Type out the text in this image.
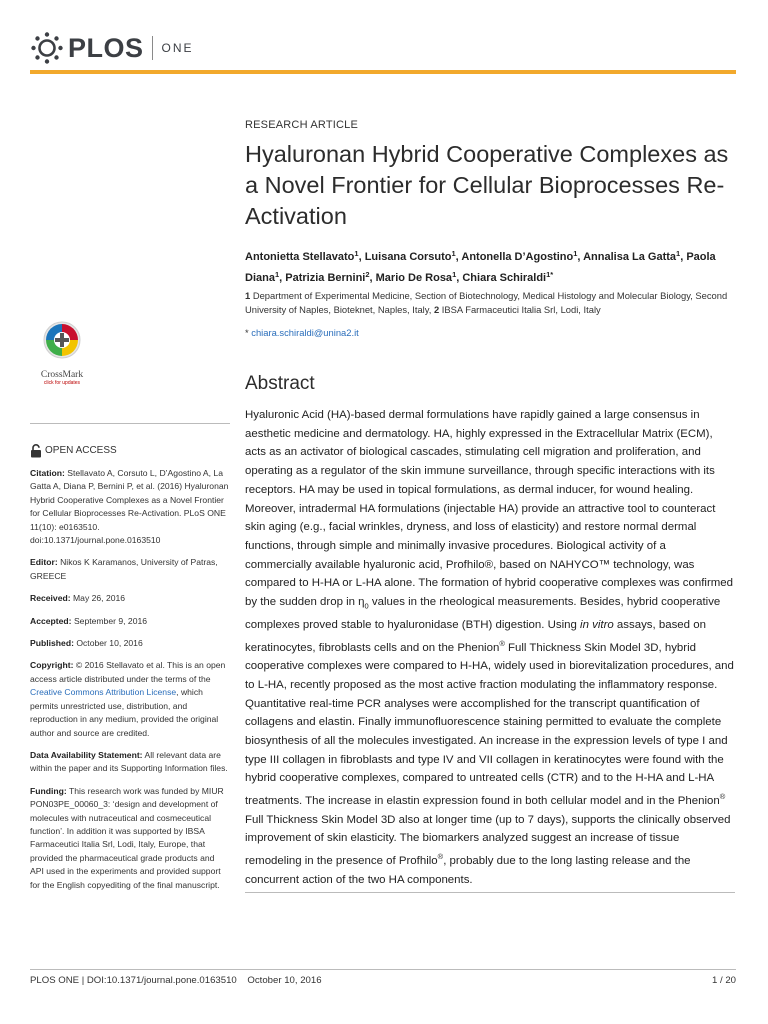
PLOS ONE
RESEARCH ARTICLE
Hyaluronan Hybrid Cooperative Complexes as a Novel Frontier for Cellular Bioprocesses Re-Activation
Antonietta Stellavato$^1$, Luisana Corsuto$^1$, Antonella D’Agostino$^1$, Annalisa La Gatta$^1$, Paola Diana$^1$, Patrizia Bernini$^2$, Mario De Rosa$^1$, Chiara Schiraldi$^{1*}$
1 Department of Experimental Medicine, Section of Biotechnology, Medical Histology and Molecular Biology, Second University of Naples, Bioteknet, Naples, Italy, 2 IBSA Farmaceutici Italia Srl, Lodi, Italy
* chiara.schiraldi@unina2.it
Abstract

Hyaluronic Acid (HA)-based dermal formulations have rapidly gained a large consensus in aesthetic medicine and dermatology. HA, highly expressed in the Extracellular Matrix (ECM), acts as an activator of biological cascades, stimulating cell migration and proliferation, and operating as a regulator of the skin immune surveillance, through specific interactions with its receptors. HA may be used in topical formulations, as dermal inducer, for wound healing. Moreover, intradermal HA formulations (injectable HA) provide an attractive tool to counteract skin aging (e.g., facial wrinkles, dryness, and loss of elasticity) and restore normal dermal functions, through simple and minimally invasive procedures. Biological activity of a commercially available hyaluronic acid, Profhilo®, based on NAHYCO™ technology, was compared to H-HA or L-HA alone. The formation of hybrid cooperative complexes was confirmed by the sudden drop in $\eta_0$ values in the rheological measurements. Besides, hybrid cooperative complexes proved stable to hyaluronidase (BTH) digestion. Using in vitro assays, based on keratinocytes, fibroblasts cells and on the Phenion® Full Thickness Skin Model 3D, hybrid cooperative complexes were compared to H-HA, widely used in biorevitalization procedures, and to L-HA, recently proposed as the most active fraction modulating the inflammatory response. Quantitative real-time PCR analyses were accomplished for the transcript quantification of collagens and elastin. Finally immunofluorescence staining permitted to evaluate the complete biosynthesis of all the molecules investigated. An increase in the expression levels of type I and type III collagen in fibroblasts and type IV and VII collagen in keratinocytes were found with the hybrid cooperative complexes, compared to untreated cells (CTR) and to the H-HA and L-HA treatments. The increase in elastin expression found in both cellular model and in the Phenion® Full Thickness Skin Model 3D also at longer time (up to 7 days), supports the clinically observed improvement of skin elasticity. The biomarkers analyzed suggest an increase of tissue remodeling in the presence of Profhilo®, probably due to the long lasting release and the concurrent action of the two HA components.

CrossMark
click for updates
OPEN ACCESS

Citation: Stellavato A, Corsuto L, D’Agostino A, La Gatta A, Diana P, Bernini P, et al. (2016) Hyaluronan Hybrid Cooperative Complexes as a Novel Frontier for Cellular Bioprocesses Re-Activation. PLoS ONE 11(10): e0163510. doi:10.1371/journal.pone.0163510

Editor: Nikos K Karamanos, University of Patras, GREECE

Received: May 26, 2016

Accepted: September 9, 2016

Published: October 10, 2016

Copyright: © 2016 Stellavato et al. This is an open access article distributed under the terms of the Creative Commons Attribution License, which permits unrestricted use, distribution, and reproduction in any medium, provided the original author and source are credited.

Data Availability Statement: All relevant data are within the paper and its Supporting Information files.

Funding: This research work was funded by MIUR PON03PE_00060_3: ‘design and development of molecules with nutraceutical and cosmeceutical function’. In addition it was supported by IBSA Farmaceutici Italia Srl, Lodi, Italy, Europe, that provided the pharmaceutical grade products and API used in the experiments and provided support for the English copyediting of the final manuscript.

PLOS ONE | DOI:10.1371/journal.pone.0163510    October 10, 2016	1 / 20
